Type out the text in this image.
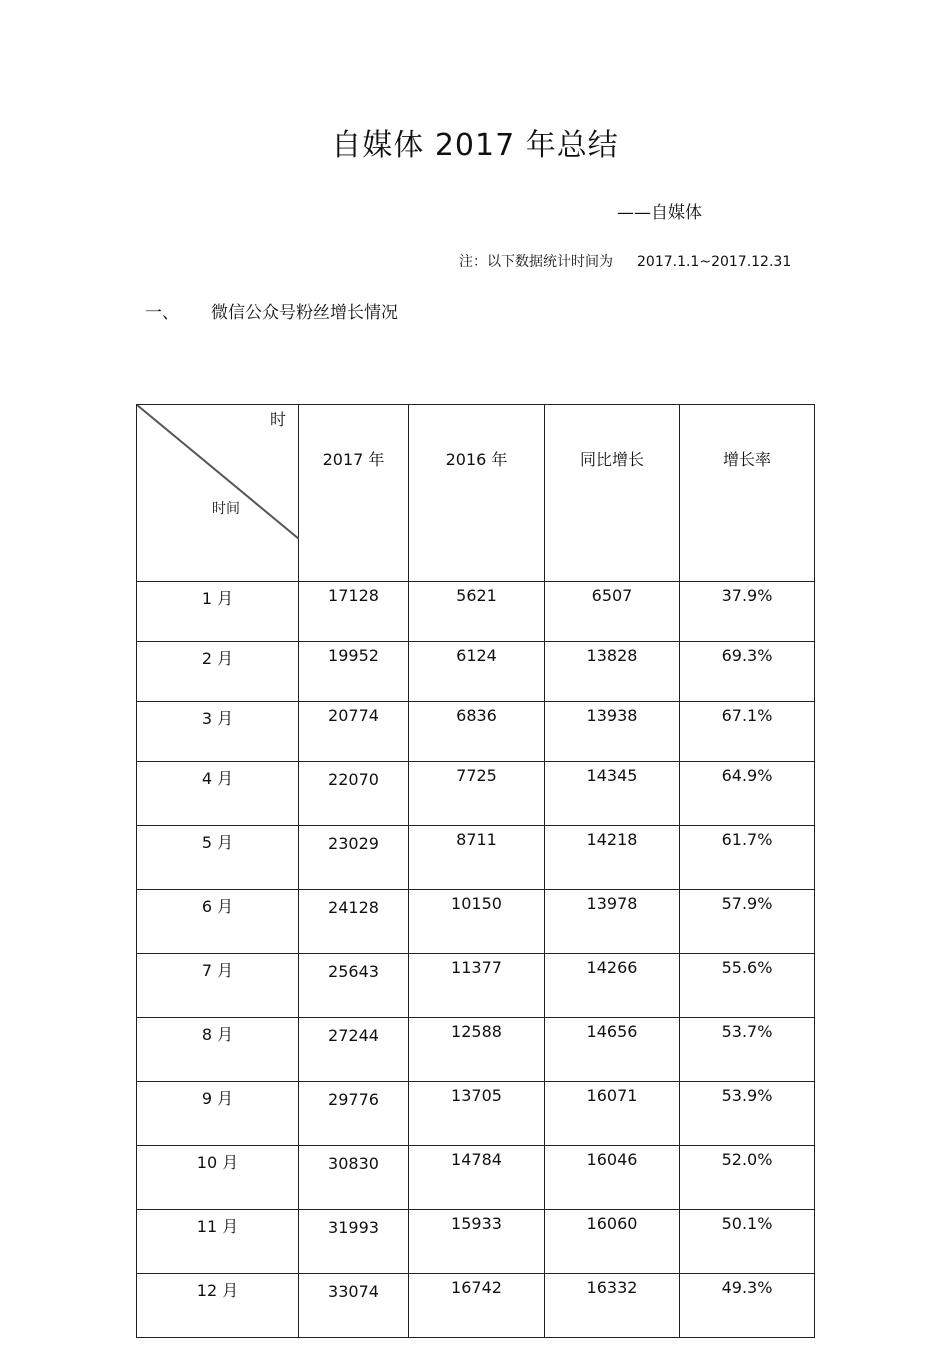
自媒体 2017 年总结
——自媒体
注：以下数据统计时间为 2017.1.1~2017.12.31
一、 微信公众号粉丝增长情况
时
时间	2017 年	2016 年	同比增长	增长率
1 月	17128	5621	6507	37.9%
2 月	19952	6124	13828	69.3%
3 月	20774	6836	13938	67.1%
4 月	22070	7725	14345	64.9%
5 月	23029	8711	14218	61.7%
6 月	24128	10150	13978	57.9%
7 月	25643	11377	14266	55.6%
8 月	27244	12588	14656	53.7%
9 月	29776	13705	16071	53.9%
10 月	30830	14784	16046	52.0%
11 月	31993	15933	16060	50.1%
12 月	33074	16742	16332	49.3%
